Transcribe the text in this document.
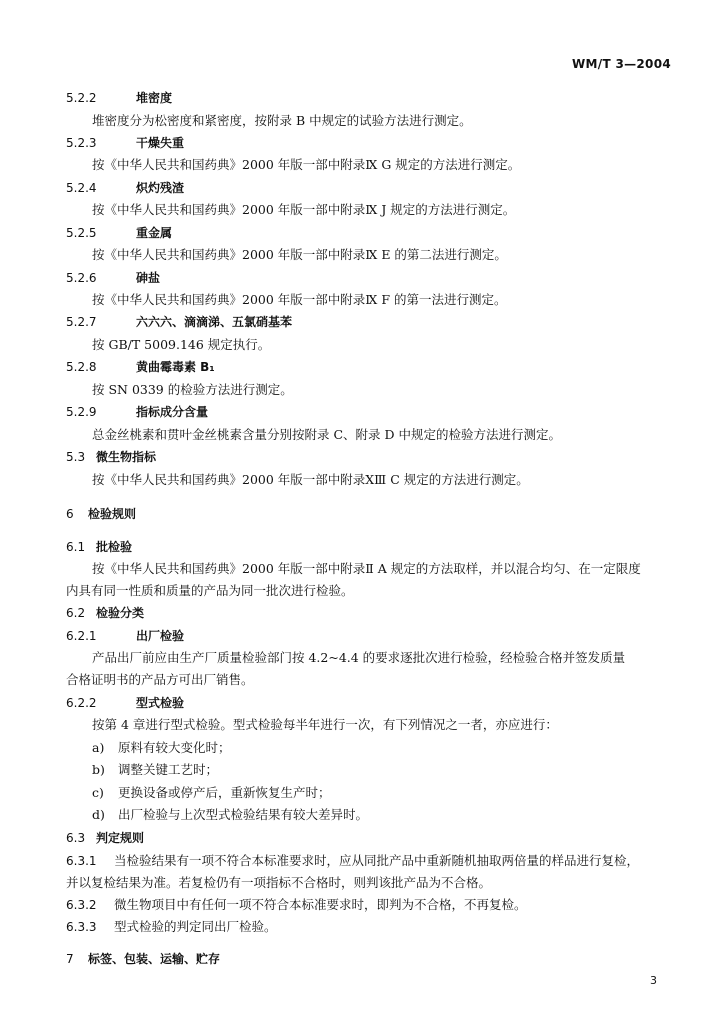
WM/T 3—2004
5.2.2	堆密度
堆密度分为松密度和紧密度，按附录 B 中规定的试验方法进行测定。
5.2.3	干燥失重
按《中华人民共和国药典》2000 年版一部中附录Ⅸ G 规定的方法进行测定。
5.2.4	炽灼残渣
按《中华人民共和国药典》2000 年版一部中附录Ⅸ J 规定的方法进行测定。
5.2.5	重金属
按《中华人民共和国药典》2000 年版一部中附录Ⅸ E 的第二法进行测定。
5.2.6	砷盐
按《中华人民共和国药典》2000 年版一部中附录Ⅸ F 的第一法进行测定。
5.2.7	六六六、滴滴涕、五氯硝基苯
按 GB/T 5009.146 规定执行。
5.2.8	黄曲霉毒素 B₁
按 SN 0339 的检验方法进行测定。
5.2.9	指标成分含量
总金丝桃素和贯叶金丝桃素含量分别按附录 C、附录 D 中规定的检验方法进行测定。
5.3 微生物指标
按《中华人民共和国药典》2000 年版一部中附录ⅩⅢ C 规定的方法进行测定。
6 检验规则
6.1 批检验
按《中华人民共和国药典》2000 年版一部中附录Ⅱ A 规定的方法取样，并以混合均匀、在一定限度
内具有同一性质和质量的产品为同一批次进行检验。
6.2 检验分类
6.2.1	出厂检验
产品出厂前应由生产厂质量检验部门按 4.2~4.4 的要求逐批次进行检验，经检验合格并签发质量
合格证明书的产品方可出厂销售。
6.2.2	型式检验
按第 4 章进行型式检验。型式检验每半年进行一次，有下列情况之一者，亦应进行：
a) 原料有较大变化时；
b) 调整关键工艺时；
c) 更换设备或停产后，重新恢复生产时；
d) 出厂检验与上次型式检验结果有较大差异时。
6.3 判定规则
6.3.1 当检验结果有一项不符合本标准要求时，应从同批产品中重新随机抽取两倍量的样品进行复检，
并以复检结果为准。若复检仍有一项指标不合格时，则判该批产品为不合格。
6.3.2 微生物项目中有任何一项不符合本标准要求时，即判为不合格，不再复检。
6.3.3 型式检验的判定同出厂检验。
7 标签、包装、运输、贮存
3
